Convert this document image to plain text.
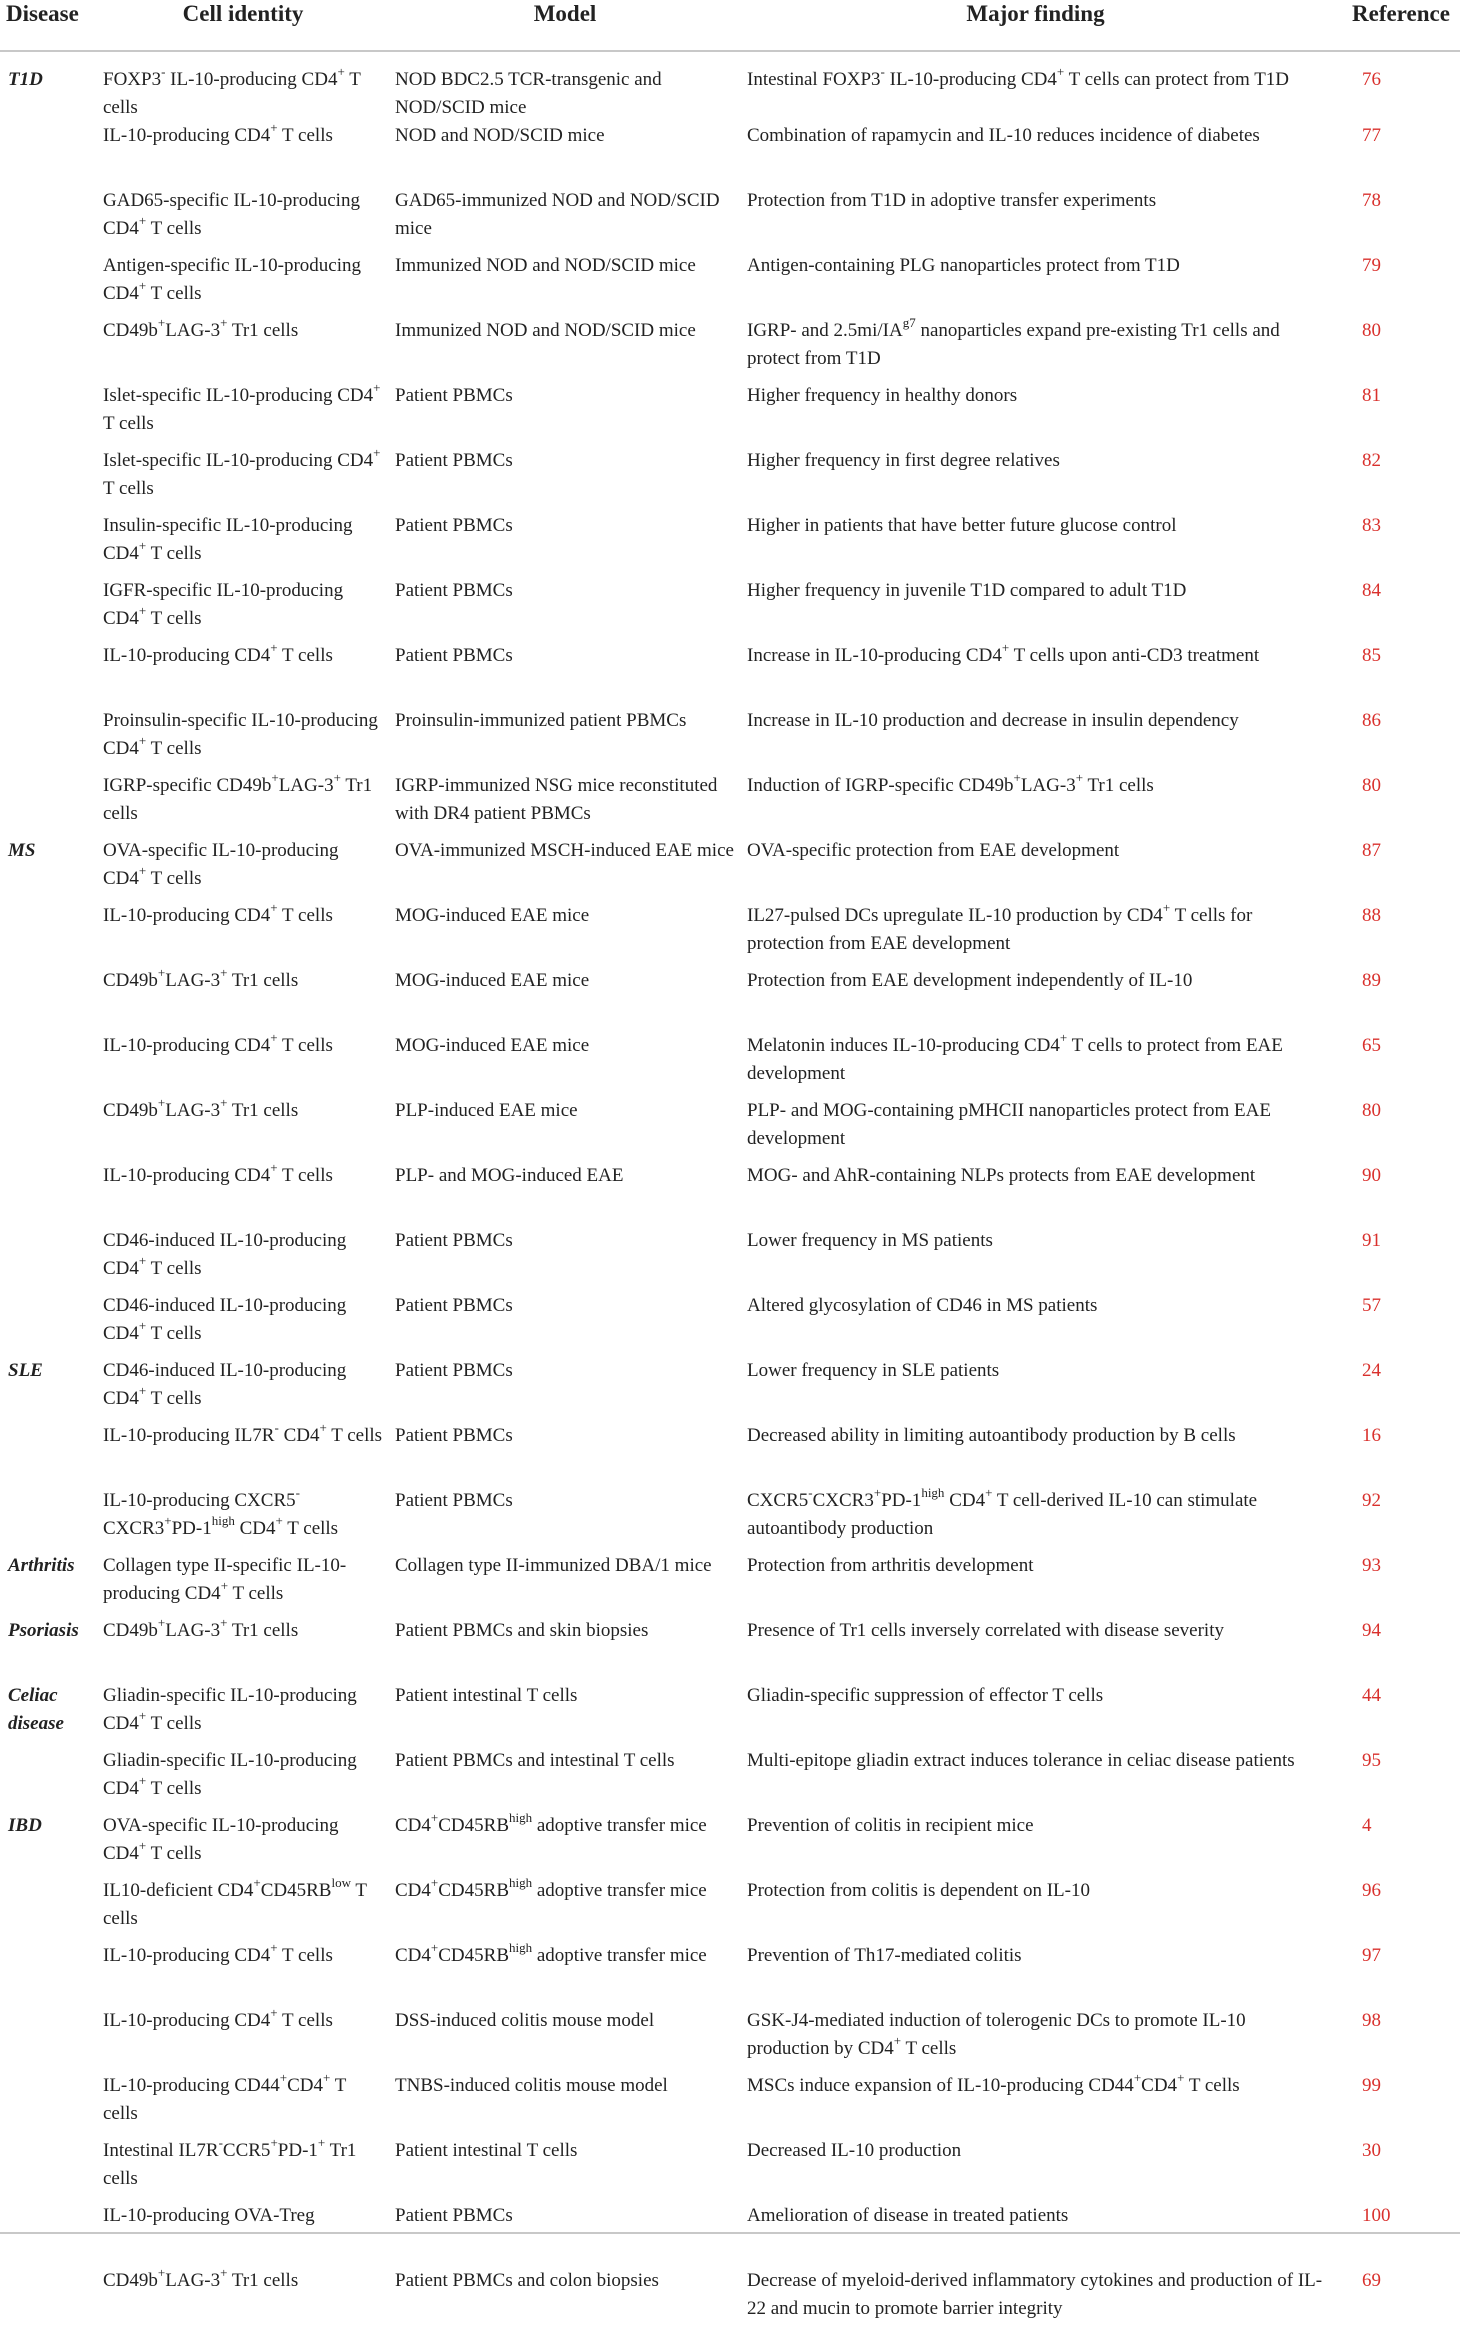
Disease	Cell identity	Model	Major finding	Reference
T1D	FOXP3- IL-10-producing CD4+ T cells	NOD BDC2.5 TCR-transgenic and NOD/SCID mice	Intestinal FOXP3- IL-10-producing CD4+ T cells can protect from T1D	76
	IL-10-producing CD4+ T cells	NOD and NOD/SCID mice	Combination of rapamycin and IL-10 reduces incidence of diabetes	77
	GAD65-specific IL-10-producing CD4+ T cells	GAD65-immunized NOD and NOD/SCID mice	Protection from T1D in adoptive transfer experiments	78
	Antigen-specific IL-10-producing CD4+ T cells	Immunized NOD and NOD/SCID mice	Antigen-containing PLG nanoparticles protect from T1D	79
	CD49b+LAG-3+ Tr1 cells	Immunized NOD and NOD/SCID mice	IGRP- and $2.5mi/IA^{g7}$ nanoparticles expand pre-existing Tr1 cells and protect from T1D	80
	Islet-specific IL-10-producing CD4+ T cells	Patient PBMCs	Higher frequency in healthy donors	81
	Islet-specific IL-10-producing CD4+ T cells	Patient PBMCs	Higher frequency in first degree relatives	82
	Insulin-specific IL-10-producing CD4+ T cells	Patient PBMCs	Higher in patients that have better future glucose control	83
	IGFR-specific IL-10-producing CD4+ T cells	Patient PBMCs	Higher frequency in juvenile T1D compared to adult T1D	84
	IL-10-producing CD4+ T cells	Patient PBMCs	Increase in IL-10-producing CD4+ T cells upon anti-CD3 treatment	85
	Proinsulin-specific IL-10-producing CD4+ T cells	Proinsulin-immunized patient PBMCs	Increase in IL-10 production and decrease in insulin dependency	86
	IGRP-specific CD49b+LAG-3+ Tr1 cells	IGRP-immunized NSG mice reconstituted with DR4 patient PBMCs	Induction of IGRP-specific CD49b+LAG-3+ Tr1 cells	80
MS	OVA-specific IL-10-producing CD4+ T cells	OVA-immunized MSCH-induced EAE mice	OVA-specific protection from EAE development	87
	IL-10-producing CD4+ T cells	MOG-induced EAE mice	IL27-pulsed DCs upregulate IL-10 production by CD4+ T cells for protection from EAE development	88
	CD49b+LAG-3+ Tr1 cells	MOG-induced EAE mice	Protection from EAE development independently of IL-10	89
	IL-10-producing CD4+ T cells	MOG-induced EAE mice	Melatonin induces IL-10-producing CD4+ T cells to protect from EAE development	65
	CD49b+LAG-3+ Tr1 cells	PLP-induced EAE mice	PLP- and MOG-containing pMHCII nanoparticles protect from EAE development	80
	IL-10-producing CD4+ T cells	PLP- and MOG-induced EAE	MOG- and AhR-containing NLPs protects from EAE development	90
	CD46-induced IL-10-producing CD4+ T cells	Patient PBMCs	Lower frequency in MS patients	91
	CD46-induced IL-10-producing CD4+ T cells	Patient PBMCs	Altered glycosylation of CD46 in MS patients	57
SLE	CD46-induced IL-10-producing CD4+ T cells	Patient PBMCs	Lower frequency in SLE patients	24
	IL-10-producing IL7R- CD4+ T cells	Patient PBMCs	Decreased ability in limiting autoantibody production by B cells	16
	IL-10-producing CXCR5- $CXCR3^+PD-1^{high}$ CD4+ T cells	Patient PBMCs	$CXCR5^-CXCR3^+PD-1^{high}$ CD4+ T cell-derived IL-10 can stimulate autoantibody production	92
Arthritis	Collagen type II-specific IL-10-producing CD4+ T cells	Collagen type II-immunized DBA/1 mice	Protection from arthritis development	93
Psoriasis	CD49b+LAG-3+ Tr1 cells	Patient PBMCs and skin biopsies	Presence of Tr1 cells inversely correlated with disease severity	94
Celiac disease	Gliadin-specific IL-10-producing CD4+ T cells	Patient intestinal T cells	Gliadin-specific suppression of effector T cells	44
	Gliadin-specific IL-10-producing CD4+ T cells	Patient PBMCs and intestinal T cells	Multi-epitope gliadin extract induces tolerance in celiac disease patients	95
IBD	OVA-specific IL-10-producing CD4+ T cells	$CD4^+CD45RB^{high}$ adoptive transfer mice	Prevention of colitis in recipient mice	4
	IL10-deficient $CD4^+CD45RB^{low}$ T cells	$CD4^+CD45RB^{high}$ adoptive transfer mice	Protection from colitis is dependent on IL-10	96
	IL-10-producing CD4+ T cells	$CD4^+CD45RB^{high}$ adoptive transfer mice	Prevention of Th17-mediated colitis	97
	IL-10-producing CD4+ T cells	DSS-induced colitis mouse model	GSK-J4-mediated induction of tolerogenic DCs to promote IL-10 production by CD4+ T cells	98
	IL-10-producing CD44+CD4+ T cells	TNBS-induced colitis mouse model	MSCs induce expansion of IL-10-producing CD44+CD4+ T cells	99
	Intestinal IL7R-CCR5+PD-1+ Tr1 cells	Patient intestinal T cells	Decreased IL-10 production	30
	IL-10-producing OVA-Treg	Patient PBMCs	Amelioration of disease in treated patients	100
	CD49b+LAG-3+ Tr1 cells	Patient PBMCs and colon biopsies	Decrease of myeloid-derived inflammatory cytokines and production of IL-22 and mucin to promote barrier integrity	69
